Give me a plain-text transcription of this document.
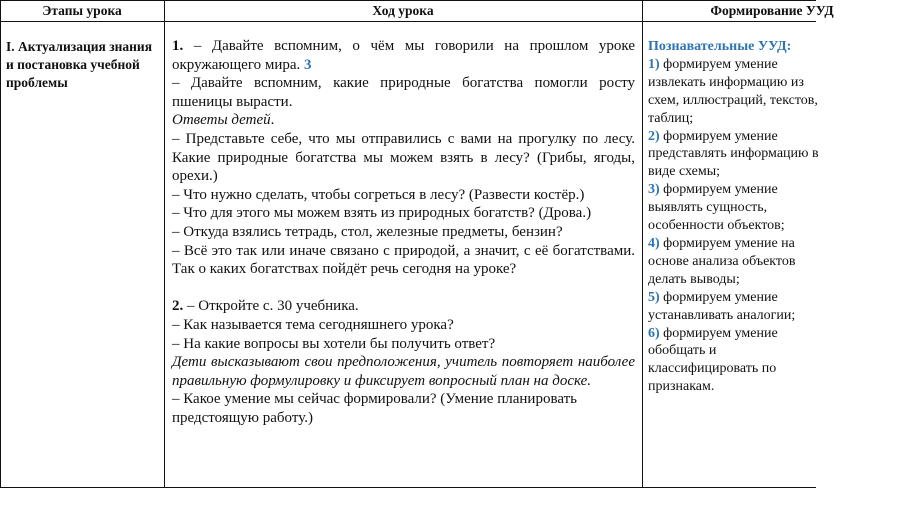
Этапы урока	Ход урока	Формирование УУД
I. Актуализация знания и постановка учебной проблемы

1. – Давайте вспомним, о чём мы говорили на прошлом уроке окружающего мира. 3

– Давайте вспомним, какие природные богатства помогли росту пшеницы вырасти.

Ответы детей.

– Представьте себе, что мы отправились с вами на прогулку по лесу. Какие природные богатства мы можем взять в лесу? (Грибы, ягоды, орехи.)

– Что нужно сделать, чтобы согреться в лесу? (Развести костёр.)

– Что для этого мы можем взять из природных богатств? (Дрова.)

– Откуда взялись тетрадь, стол, железные предметы, бензин?

– Всё это так или иначе связано с природой, а значит, с её богатствами. Так о каких богатствах пойдёт речь сегодня на уроке?

2. – Откройте с. 30 учебника.

– Как называется тема сегодняшнего урока?

– На какие вопросы вы хотели бы получить ответ?

Дети высказывают свои предположения, учитель повторяет наиболее правильную формулировку и фиксирует вопросный план на доске.

– Какое умение мы сейчас формировали? (Умение планировать предстоящую работу.)

Познавательные УУД:

1) формируем умение

извлекать информацию из

схем, иллюстраций, текстов,

таблиц;

2) формируем умение

представлять информацию в

виде схемы;

3) формируем умение

выявлять сущность,

особенности объектов;

4) формируем умение на

основе анализа объектов

делать выводы;

5) формируем умение

устанавливать аналогии;

6) формируем умение

обобщать и

классифицировать по

признакам.
